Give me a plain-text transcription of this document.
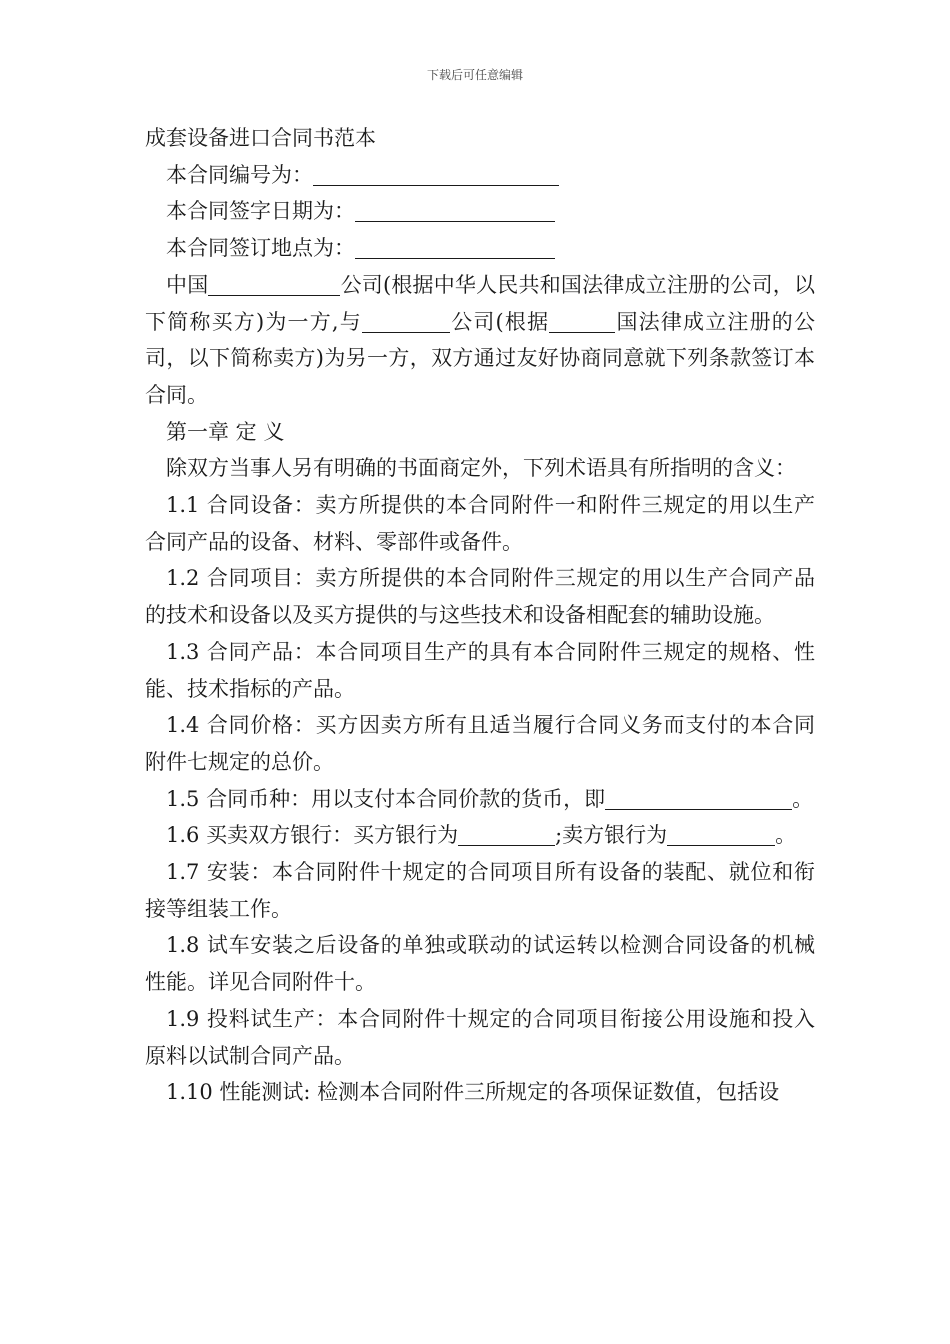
下载后可任意编辑

成套设备进口合同书范本

本合同编号为：

本合同签字日期为：

本合同签订地点为：

中国	公司(根据中华人民共和国法律成立注册的公司，以下简称买方)为一方,与	公司(根据	国法律成立注册的公司，以下简称卖方)为另一方，双方通过友好协商同意就下列条款签订本合同。

第一章 定 义

除双方当事人另有明确的书面商定外，下列术语具有所指明的含义：

1.1 合同设备：卖方所提供的本合同附件一和附件三规定的用以生产合同产品的设备、材料、零部件或备件。

1.2 合同项目：卖方所提供的本合同附件三规定的用以生产合同产品的技术和设备以及买方提供的与这些技术和设备相配套的辅助设施。

1.3 合同产品：本合同项目生产的具有本合同附件三规定的规格、性能、技术指标的产品。

1.4 合同价格：买方因卖方所有且适当履行合同义务而支付的本合同附件七规定的总价。

1.5 合同币种：用以支付本合同价款的货币，即	。

1.6 买卖双方银行：买方银行为	;卖方银行为	。

1.7 安装：本合同附件十规定的合同项目所有设备的装配、就位和衔接等组装工作。

1.8 试车安装之后设备的单独或联动的试运转以检测合同设备的机械性能。详见合同附件十。

1.9 投料试生产：本合同附件十规定的合同项目衔接公用设施和投入原料以试制合同产品。

1.10 性能测试: 检测本合同附件三所规定的各项保证数值，包括设
